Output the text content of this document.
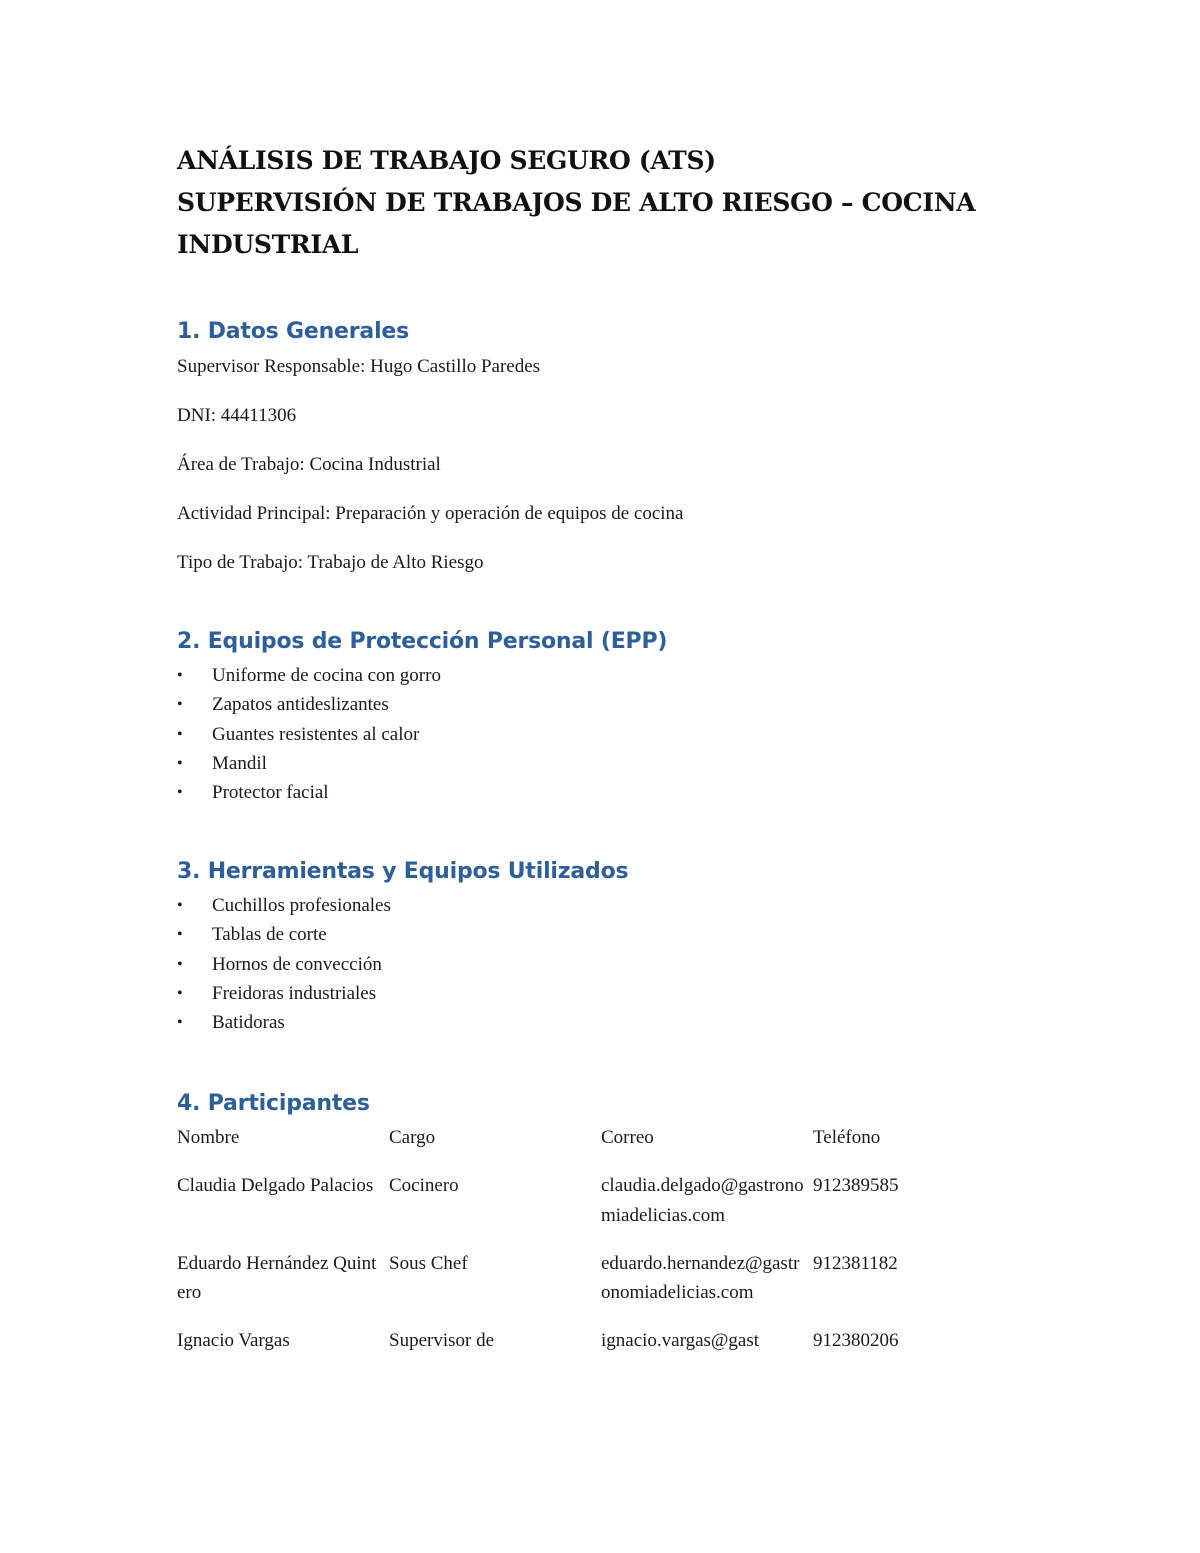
ANÁLISIS DE TRABAJO SEGURO (ATS)
SUPERVISIÓN DE TRABAJOS DE ALTO RIESGO – COCINA
INDUSTRIAL
1. Datos Generales

Supervisor Responsable: Hugo Castillo Paredes

DNI: 44411306

Área de Trabajo: Cocina Industrial

Actividad Principal: Preparación y operación de equipos de cocina

Tipo de Trabajo: Trabajo de Alto Riesgo

2. Equipos de Protección Personal (EPP)
• Uniforme de cocina con gorro
• Zapatos antideslizantes
• Guantes resistentes al calor
• Mandil
• Protector facial
3. Herramientas y Equipos Utilizados
• Cuchillos profesionales
• Tablas de corte
• Hornos de convección
• Freidoras industriales
• Batidoras
4. Participantes
Nombre	Cargo	Correo	Teléfono
Claudia Delgado Palacios	Cocinero	claudia.delgado@gastronomiadelicias.com	912389585
Eduardo Hernández Quintero	Sous Chef	eduardo.hernandez@gastronomiadelicias.com	912381182
Ignacio Vargas	Supervisor de	ignacio.vargas@gast	912380206
